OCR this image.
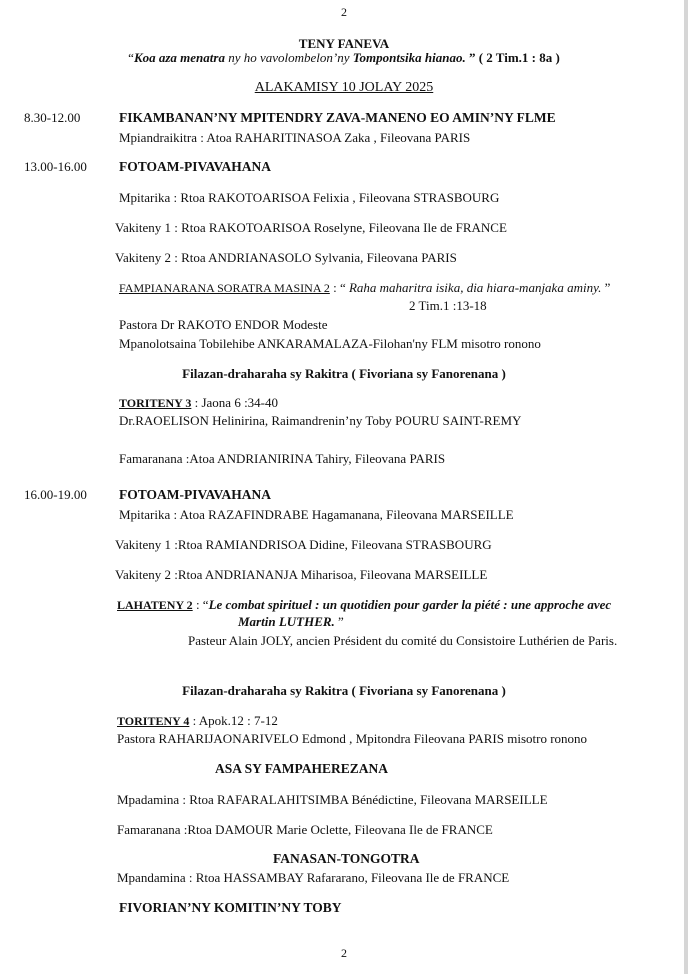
2
TENY FANEVA
“Koa aza menatra ny ho vavolombelon’ny Tompontsika hianao. ” ( 2 Tim.1 : 8a )
ALAKAMISY 10 JOLAY 2025
8.30-12.00	FIKAMBANAN’NY MPITENDRY ZAVA-MANENO EO AMIN’NY FLME
Mpiandraikitra : Atoa RAHARITINASOA Zaka , Fileovana PARIS
13.00-16.00 FOTOAM-PIVAVAHANA
Mpitarika : Rtoa RAKOTOARISOA Felixia , Fileovana STRASBOURG
Vakiteny 1 : Rtoa RAKOTOARISOA Roselyne, Fileovana Ile de FRANCE
Vakiteny 2 : Rtoa ANDRIANASOLO Sylvania, Fileovana PARIS
FAMPIANARANA SORATRA MASINA 2 : “ Raha maharitra isika, dia hiara-manjaka aminy. ”
2 Tim.1 :13-18
Pastora Dr RAKOTO ENDOR Modeste
Mpanolotsaina Tobilehibe ANKARAMALAZA-Filohan'ny FLM misotro ronono
Filazan-draharaha sy Rakitra ( Fivoriana sy Fanorenana )
TORITENY 3 : Jaona 6 :34-40
Dr.RAOELISON Helinirina, Raimandrenin’ny Toby POURU SAINT-REMY
Famaranana :Atoa ANDRIANIRINA Tahiry, Fileovana PARIS
16.00-19.00 FOTOAM-PIVAVAHANA
Mpitarika : Atoa RAZAFINDRABE Hagamanana, Fileovana MARSEILLE
Vakiteny 1 :Rtoa RAMIANDRISOA Didine, Fileovana STRASBOURG
Vakiteny 2 :Rtoa ANDRIANANJA Miharisoa, Fileovana MARSEILLE
LAHATENY 2 : “Le combat spirituel : un quotidien pour garder la piété : une approche avec
Martin LUTHER. ”
Pasteur Alain JOLY, ancien Président du comité du Consistoire Luthérien de Paris.
Filazan-draharaha sy Rakitra ( Fivoriana sy Fanorenana )
TORITENY 4 : Apok.12 : 7-12
Pastora RAHARIJAONARIVELO Edmond , Mpitondra Fileovana PARIS misotro ronono
ASA SY FAMPAHEREZANA
Mpadamina : Rtoa RAFARALAHITSIMBA Bénédictine, Fileovana MARSEILLE
Famaranana :Rtoa DAMOUR Marie Oclette, Fileovana Ile de FRANCE
FANASAN-TONGOTRA
Mpandamina : Rtoa HASSAMBAY Rafararano, Fileovana Ile de FRANCE
FIVORIAN’NY KOMITIN’NY TOBY
2
